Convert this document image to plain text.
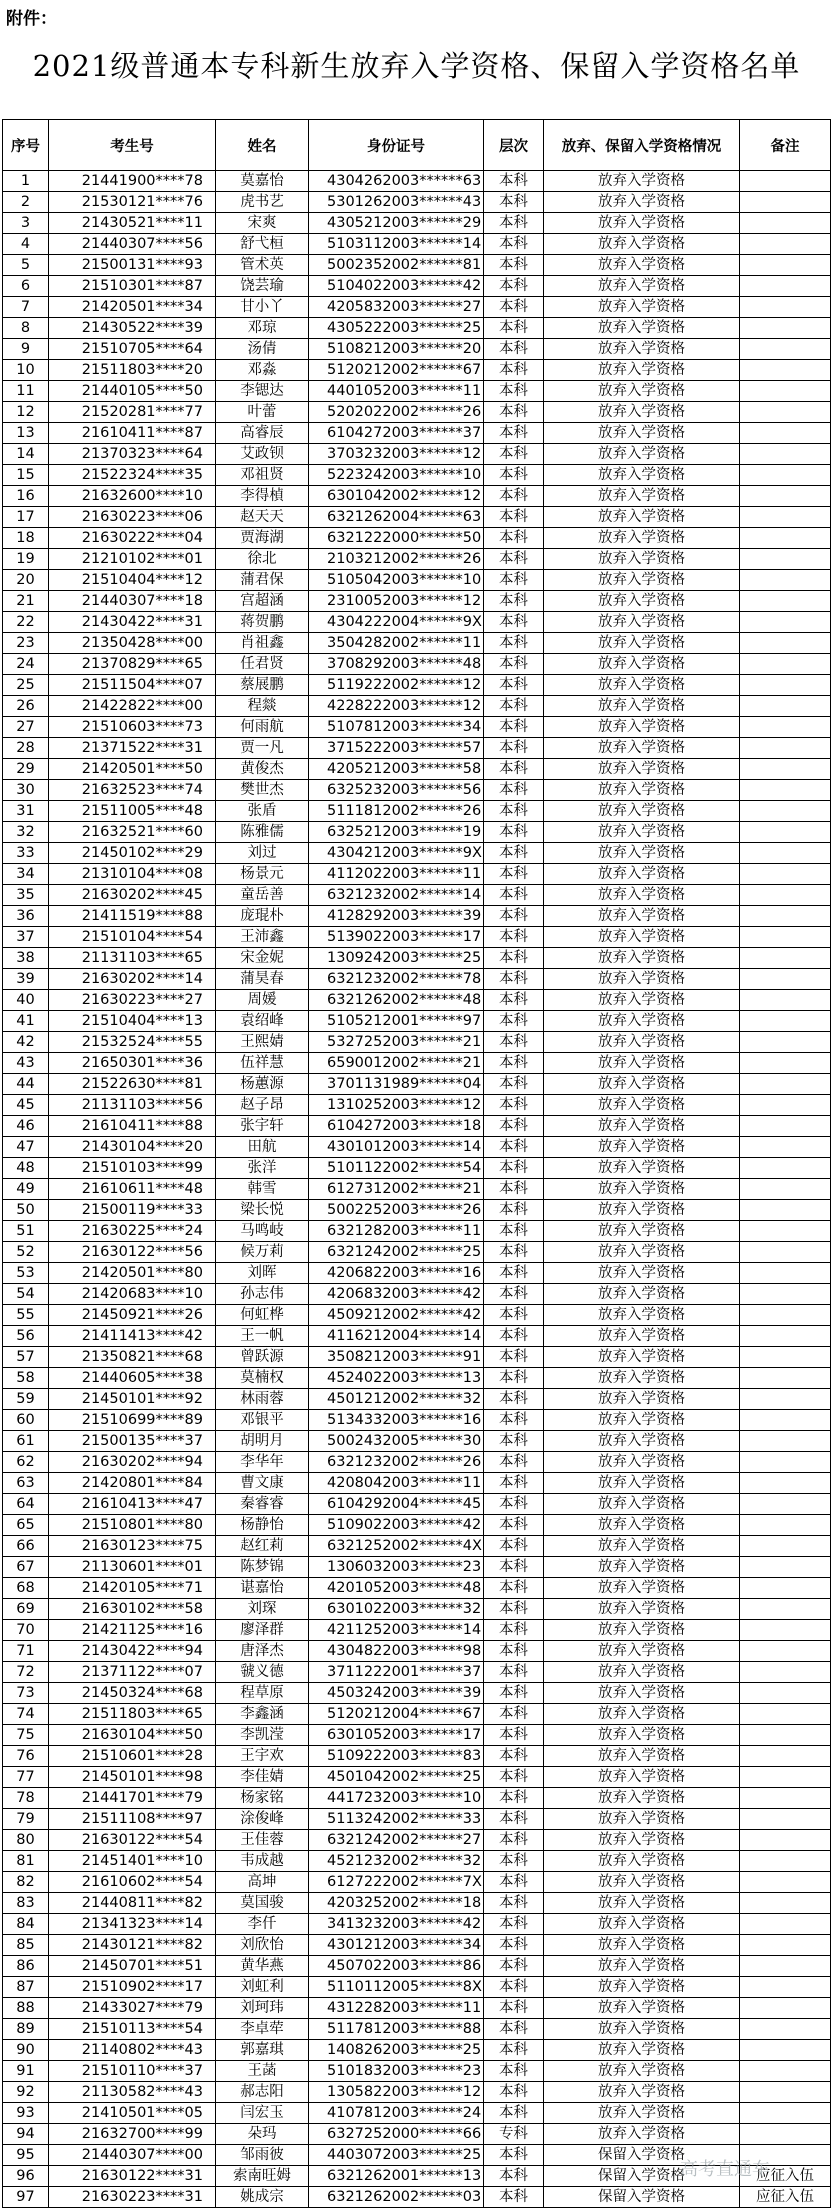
附件：
2021级普通本专科新生放弃入学资格、保留入学资格名单
序号	考生号	姓名	身份证号	层次	放弃、保留入学资格情况	备注
1	21441900****78	莫嘉怡	4304262003******63	本科	放弃入学资格	
2	21530121****76	虎书艺	5301262003******43	本科	放弃入学资格	
3	21430521****11	宋爽	4305212003******29	本科	放弃入学资格	
4	21440307****56	舒弋桓	5103112003******14	本科	放弃入学资格	
5	21500131****93	管术英	5002352002******81	本科	放弃入学资格	
6	21510301****87	饶芸瑜	5104022003******42	本科	放弃入学资格	
7	21420501****34	甘小丫	4205832003******27	本科	放弃入学资格	
8	21430522****39	邓琼	4305222003******25	本科	放弃入学资格	
9	21510705****64	汤倩	5108212003******20	本科	放弃入学资格	
10	21511803****20	邓淼	5120212002******67	本科	放弃入学资格	
11	21440105****50	李锶达	4401052003******11	本科	放弃入学资格	
12	21520281****77	叶蕾	5202022002******26	本科	放弃入学资格	
13	21610411****87	高睿辰	6104272003******37	本科	放弃入学资格	
14	21370323****64	艾政钡	3703232003******12	本科	放弃入学资格	
15	21522324****35	邓祖贤	5223242003******10	本科	放弃入学资格	
16	21632600****10	李得楨	6301042002******12	本科	放弃入学资格	
17	21630223****06	赵天天	6321262004******63	本科	放弃入学资格	
18	21630222****04	贾海湖	6321222000******50	本科	放弃入学资格	
19	21210102****01	徐北	2103212002******26	本科	放弃入学资格	
20	21510404****12	蒲君保	5105042003******10	本科	放弃入学资格	
21	21440307****18	宫超涵	2310052003******12	本科	放弃入学资格	
22	21430422****31	蒋贺鹏	4304222004******9X	本科	放弃入学资格	
23	21350428****00	肖祖鑫	3504282002******11	本科	放弃入学资格	
24	21370829****65	任君贤	3708292003******48	本科	放弃入学资格	
25	21511504****07	蔡展鹏	5119222002******12	本科	放弃入学资格	
26	21422822****00	程燚	4228222003******12	本科	放弃入学资格	
27	21510603****73	何雨航	5107812003******34	本科	放弃入学资格	
28	21371522****31	贾一凡	3715222003******57	本科	放弃入学资格	
29	21420501****50	黄俊杰	4205212003******58	本科	放弃入学资格	
30	21632523****74	樊世杰	6325232003******56	本科	放弃入学资格	
31	21511005****48	张盾	5111812002******26	本科	放弃入学资格	
32	21632521****60	陈雅儒	6325212003******19	本科	放弃入学资格	
33	21450102****29	刘过	4304212003******9X	本科	放弃入学资格	
34	21310104****08	杨景元	4112022003******11	本科	放弃入学资格	
35	21630202****45	童岳善	6321232002******14	本科	放弃入学资格	
36	21411519****88	庞琨朴	4128292003******39	本科	放弃入学资格	
37	21510104****54	王沛鑫	5139022003******17	本科	放弃入学资格	
38	21131103****65	宋金妮	1309242003******25	本科	放弃入学资格	
39	21630202****14	蒲昊春	6321232002******78	本科	放弃入学资格	
40	21630223****27	周媛	6321262002******48	本科	放弃入学资格	
41	21510404****13	袁绍峰	5105212001******97	本科	放弃入学资格	
42	21532524****55	王熙婧	5327252003******21	本科	放弃入学资格	
43	21650301****36	伍祥慧	6590012002******21	本科	放弃入学资格	
44	21522630****81	杨蕙源	3701131989******04	本科	放弃入学资格	
45	21131103****56	赵子昂	1310252003******12	本科	放弃入学资格	
46	21610411****88	张宇轩	6104272003******18	本科	放弃入学资格	
47	21430104****20	田航	4301012003******14	本科	放弃入学资格	
48	21510103****99	张洋	5101122002******54	本科	放弃入学资格	
49	21610611****48	韩雪	6127312002******21	本科	放弃入学资格	
50	21500119****33	梁长悦	5002252003******26	本科	放弃入学资格	
51	21630225****24	马鸣岐	6321282003******11	本科	放弃入学资格	
52	21630122****56	候万莉	6321242002******25	本科	放弃入学资格	
53	21420501****80	刘晖	4206822003******16	本科	放弃入学资格	
54	21420683****10	孙志伟	4206832003******42	本科	放弃入学资格	
55	21450921****26	何虹桦	4509212002******42	本科	放弃入学资格	
56	21411413****42	王一帆	4116212004******14	本科	放弃入学资格	
57	21350821****68	曾跃源	3508212003******91	本科	放弃入学资格	
58	21440605****38	莫楠权	4524022003******13	本科	放弃入学资格	
59	21450101****92	林雨蓉	4501212002******32	本科	放弃入学资格	
60	21510699****89	邓银平	5134332003******16	本科	放弃入学资格	
61	21500135****37	胡明月	5002432005******30	本科	放弃入学资格	
62	21630202****94	李华年	6321232002******26	本科	放弃入学资格	
63	21420801****84	曹文康	4208042003******11	本科	放弃入学资格	
64	21610413****47	秦睿睿	6104292004******45	本科	放弃入学资格	
65	21510801****80	杨静怡	5109022003******42	本科	放弃入学资格	
66	21630123****75	赵红莉	6321252002******4X	本科	放弃入学资格	
67	21130601****01	陈梦锦	1306032003******23	本科	放弃入学资格	
68	21420105****71	谌嘉怡	4201052003******48	本科	放弃入学资格	
69	21630102****58	刘琛	6301022003******32	本科	放弃入学资格	
70	21421125****16	廖泽群	4211252003******14	本科	放弃入学资格	
71	21430422****94	唐泽杰	4304822003******98	本科	放弃入学资格	
72	21371122****07	虢义德	3711222001******37	本科	放弃入学资格	
73	21450324****68	程草原	4503242003******39	本科	放弃入学资格	
74	21511803****65	李鑫涵	5120212004******67	本科	放弃入学资格	
75	21630104****50	李凯滢	6301052003******17	本科	放弃入学资格	
76	21510601****28	王宇欢	5109222003******83	本科	放弃入学资格	
77	21450101****98	李佳婧	4501042002******25	本科	放弃入学资格	
78	21441701****79	杨家铭	4417232003******10	本科	放弃入学资格	
79	21511108****97	涂俊峰	5113242002******33	本科	放弃入学资格	
80	21630122****54	王佳蓉	6321242002******27	本科	放弃入学资格	
81	21451401****10	韦成越	4521232002******32	本科	放弃入学资格	
82	21610602****54	高坤	6127222002******7X	本科	放弃入学资格	
83	21440811****82	莫国骏	4203252002******18	本科	放弃入学资格	
84	21341323****14	李仟	3413232003******42	本科	放弃入学资格	
85	21430121****82	刘欣怡	4301212003******34	本科	放弃入学资格	
86	21450701****51	黄华燕	4507022003******86	本科	放弃入学资格	
87	21510902****17	刘虹利	5110112005******8X	本科	放弃入学资格	
88	21433027****79	刘珂玮	4312282003******11	本科	放弃入学资格	
89	21510113****54	李卓荦	5117812003******88	本科	放弃入学资格	
90	21140802****43	郭嘉琪	1408262003******25	本科	放弃入学资格	
91	21510110****37	王菡	5101832003******23	本科	放弃入学资格	
92	21130582****43	郝志阳	1305822003******12	本科	放弃入学资格	
93	21410501****05	闫宏玉	4107812003******24	本科	放弃入学资格	
94	21632700****99	朵玛	6327252000******66	专科	放弃入学资格	
95	21440307****00	邹雨彼	4403072003******25	本科	保留入学资格	
96	21630122****31	索南旺姆	6321262001******13	本科	保留入学资格	应征入伍
97	21630223****31	姚成宗	6321262002******03	本科	保留入学资格	应征入伍
高考直通车
